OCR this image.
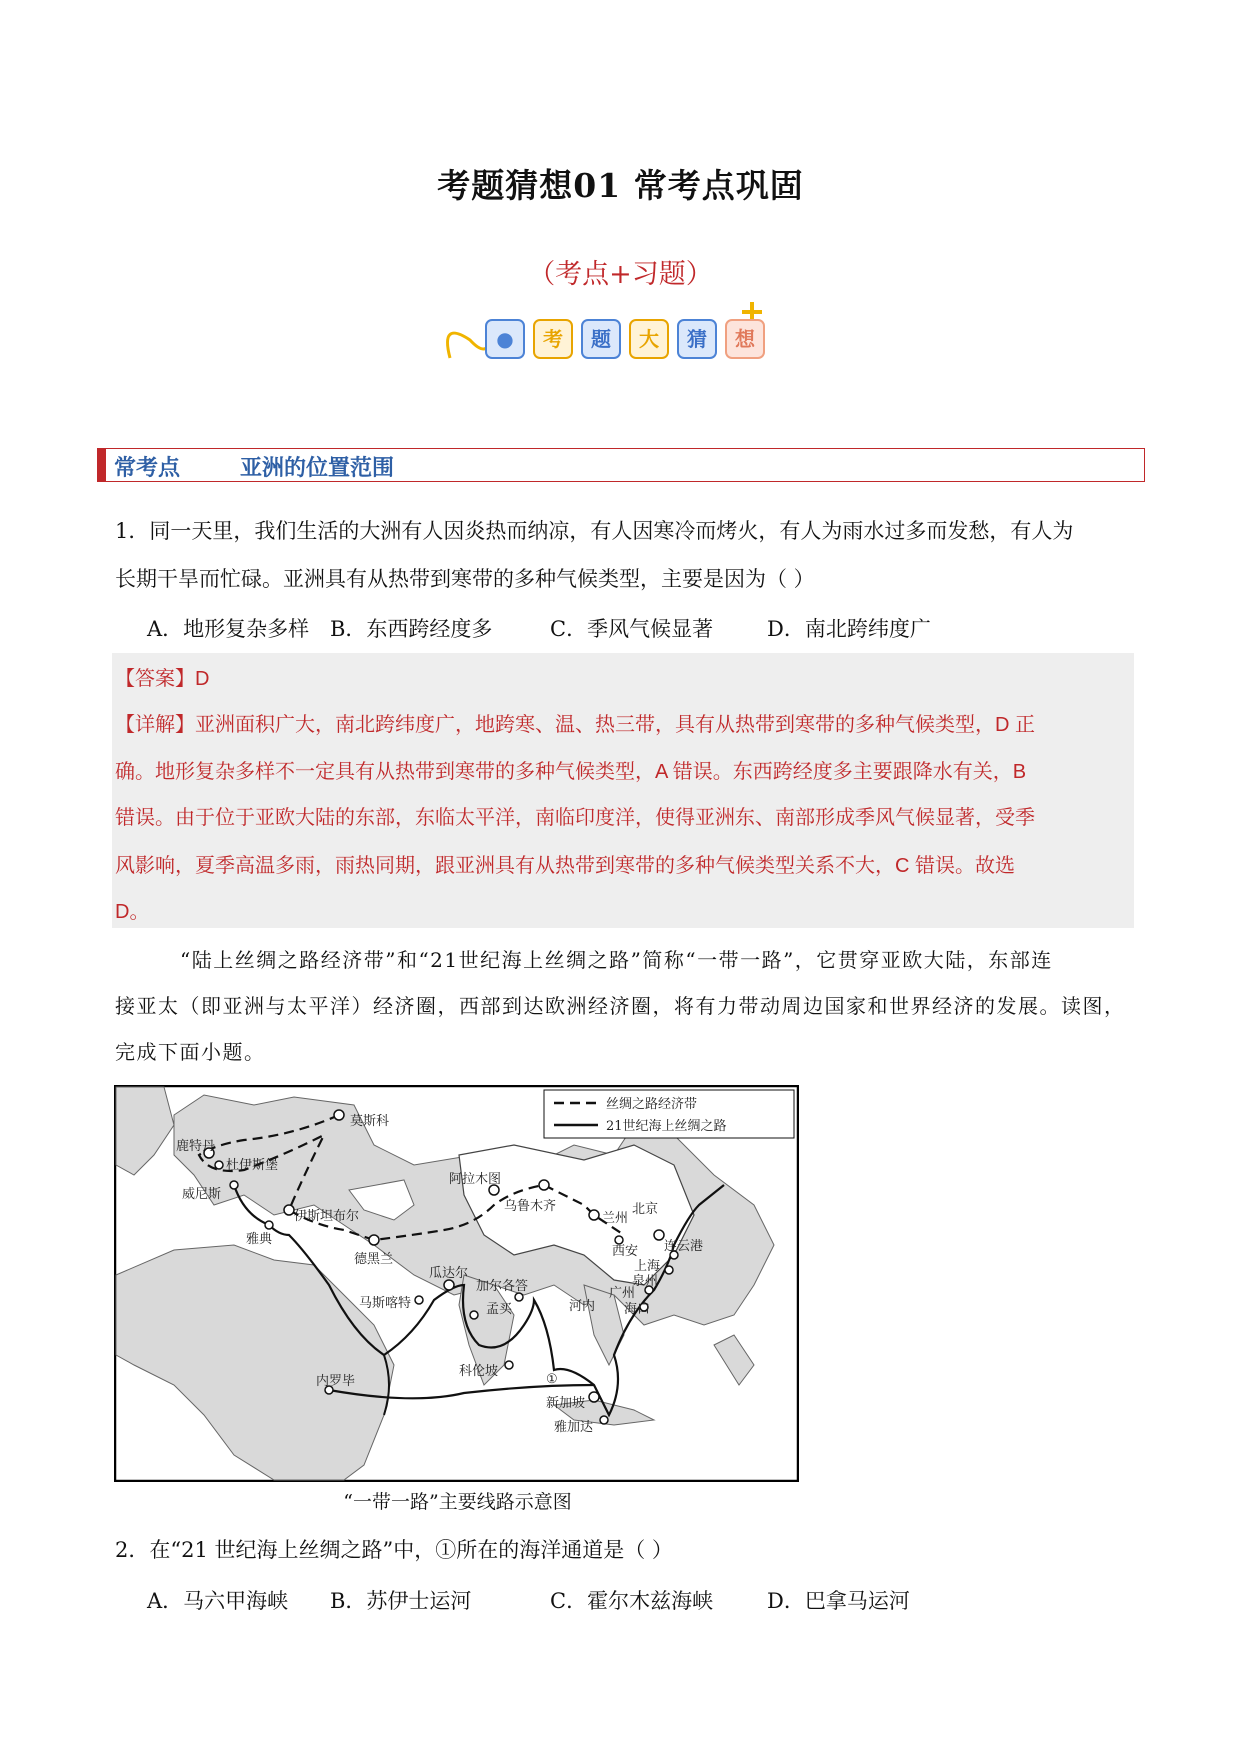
考题猜想01 常考点巩固
（考点+习题）
● 考 题 大 猜 想
常考点	亚洲的位置范围
1．同一天里，我们生活的大洲有人因炎热而纳凉，有人因寒冷而烤火，有人为雨水过多而发愁，有人为
长期干旱而忙碌。亚洲具有从热带到寒带的多种气候类型，主要是因为（ ）
A．地形复杂多样 B．东西跨经度多	C．季风气候显著	D．南北跨纬度广
【答案】D
【详解】亚洲面积广大，南北跨纬度广，地跨寒、温、热三带，具有从热带到寒带的多种气候类型，D 正
确。地形复杂多样不一定具有从热带到寒带的多种气候类型，A 错误。东西跨经度多主要跟降水有关，B
错误。由于位于亚欧大陆的东部，东临太平洋，南临印度洋，使得亚洲东、南部形成季风气候显著，受季
风影响，夏季高温多雨，雨热同期，跟亚洲具有从热带到寒带的多种气候类型关系不大，C 错误。故选
D。
“陆上丝绸之路经济带”和“21世纪海上丝绸之路”简称“一带一路”，它贯穿亚欧大陆，东部连
接亚太（即亚洲与太平洋）经济圈，西部到达欧洲经济圈，将有力带动周边国家和世界经济的发展。读图，
完成下面小题。
丝绸之路经济带
21世纪海上丝绸之路
莫斯科
鹿特丹
杜伊斯堡
威尼斯
伊斯坦布尔
雅典
德黑兰
阿拉木图
乌鲁木齐
兰州
北京
西安 连云港
上海
泉州
广州
河内 海口
瓜达尔
马斯喀特
加尔各答
孟买
科伦坡
新加坡
雅加达
内罗毕	①
“一带一路”主要线路示意图
2．在“21 世纪海上丝绸之路”中，①所在的海洋通道是（ ）
A．马六甲海峡 B．苏伊士运河	C．霍尔木兹海峡	D．巴拿马运河
